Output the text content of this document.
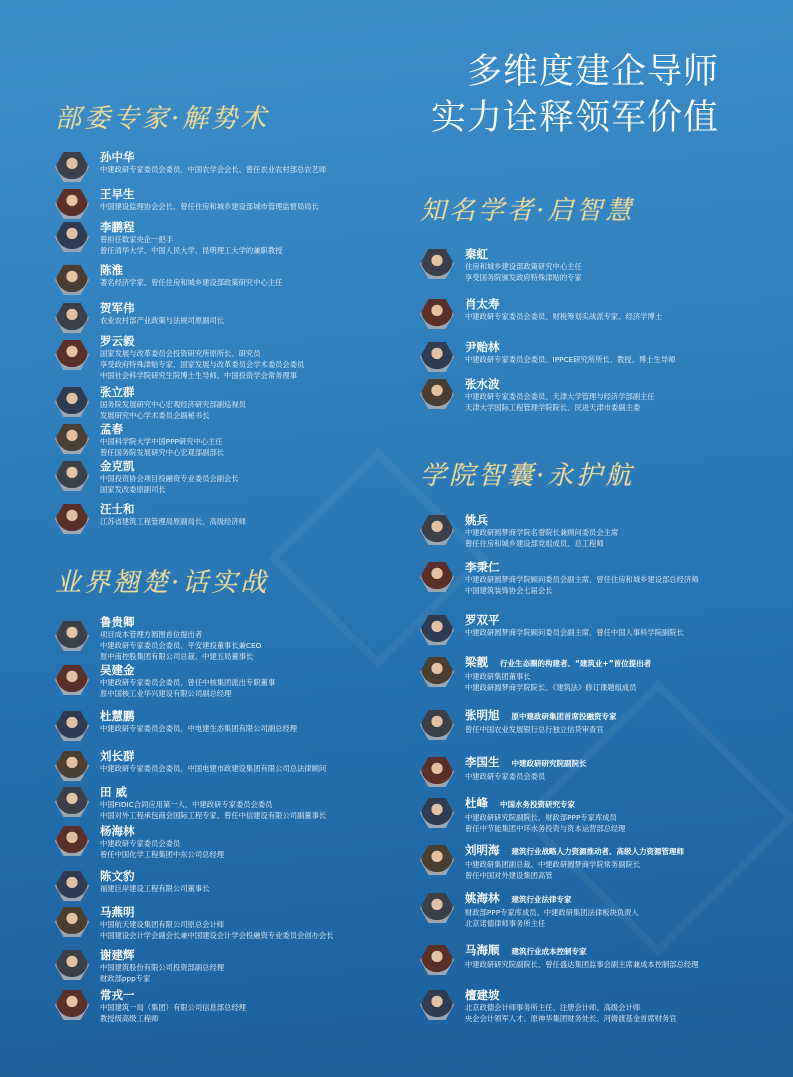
多维度建企导师
实力诠释领军价值
部委专家·解势术
业界翘楚·话实战
知名学者·启智慧
学院智囊·永护航
孙中华
中建政研专家委员会委员、中国农学会会长、曾任农业农村部总农艺师
王早生
中国建设监理协会会长、曾任住房和城乡建设部城市管理监督局局长
李鹏程
曾担任数家央企一把手
曾任清华大学、中国人民大学、昆明理工大学的兼职教授
陈淮
著名经济学家、曾任住房和城乡建设部政策研究中心主任
贺军伟
农业农村部产业政策与法规司原副司长
罗云毅
国家发展与改革委员会投资研究所原所长、研究员
享受政府特殊津贴专家、国家发展与改革委员会学术委员会委员
中国社会科学院研究生院博士生导师、中国投资学会常务理事
张立群
国务院发展研究中心宏观经济研究部副巡视员
发展研究中心学术委员会副秘书长
孟春
中国科学院大学中国PPP研究中心主任
曾任国务院发展研究中心宏观部副部长
金克凯
中国投资协会项目投融资专业委员会副会长
国家发改委原副司长
汪士和
江苏省建筑工程管理局原副局长、高级经济师
鲁贵卿
项目成本管理方圆图首位提出者
中建政研专家委员会委员、平安建投董事长兼CEO
原中南控股集团有限公司总裁、中建五局董事长
吴建金
中建政研专家委员会委员、曾任中核集团派出专职董事
原中国核工业华兴建设有限公司副总经理
杜慧鹏
中建政研专家委员会委员、中电建生态集团有限公司副总经理
刘长群
中建政研专家委员会委员、中国电建市政建设集团有限公司总法律顾问
田 威
中国FIDIC合同应用第一人、中建政研专家委员会委员
中国对外工程承包商会国际工程专家、曾任中信建设有限公司副董事长
杨海林
中建政研专家委员会委员
曾任中国化学工程集团中东公司总经理
陈文豹
福建巨岸建设工程有限公司董事长
马燕明
中国航天建设集团有限公司原总会计师
中国建设会计学会副会长兼中国建设会计学会投融资专业委员会创办会长
谢建辉
中国建筑股份有限公司投资部副总经理
财政部ppp专家
常戎一
中国建筑一局（集团）有限公司信息部总经理
教授级高级工程师
秦虹
住房和城乡建设部政策研究中心主任
享受国务院颁发政府特殊津贴的专家
肖太寿
中建政研专家委员会委员、财税筹划实战派专家、经济学博士
尹贻林
中建政研专家委员会委员、IPPCE研究所所长、教授、博士生导师
张水波
中建政研专家委员会委员、天津大学管理与经济学部副主任
天津大学国际工程管理学院院长、民进天津市委副主委
姚兵
中建政研圆梦商学院名誉院长兼顾问委员会主席
曾任住房和城乡建设部党组成员、总工程师
李秉仁
中建政研圆梦商学院顾问委员会副主席、曾任住房和城乡建设部总经济师
中国建筑装饰协会七届会长
罗双平
中建政研圆梦商学院顾问委员会副主席、曾任中国人事科学院副院长
梁靓 行业生态圈的构建者、“建筑业+”首位提出者
中建政研集团董事长
中建政研圆梦商学院院长、《建筑法》修订课题组成员
张明旭 原中建政研集团首席投融资专家
曾任中国农业发展银行总行独立信贷审查官
李国生 中建政研研究院副院长
中建政研专家委员会委员
杜峰 中国水务投资研究专家
中建政研研究院副院长、财政部PPP专家库成员
曾任中节能集团中环水务投资与资本运营部总经理
刘明海 建筑行业战略人力资源推动者、高级人力资源管理师
中建政研集团副总裁、中建政研圆梦商学院常务副院长
曾任中国对外建设集团高管
姚海林 建筑行业法律专家
财政部PPP专家库成员、中建政研集团法律板块负责人
北京诺德律师事务所主任
马海顺 建筑行业成本控制专家
中建政研研究院副院长、曾任盛达集团监事会副主席兼成本控制部总经理
檀建坡
北京政德会计师事务所主任、注册会计师、高级会计师
央企会计领军人才、原神华集团财务处长、河姆渡基金首席财务官
